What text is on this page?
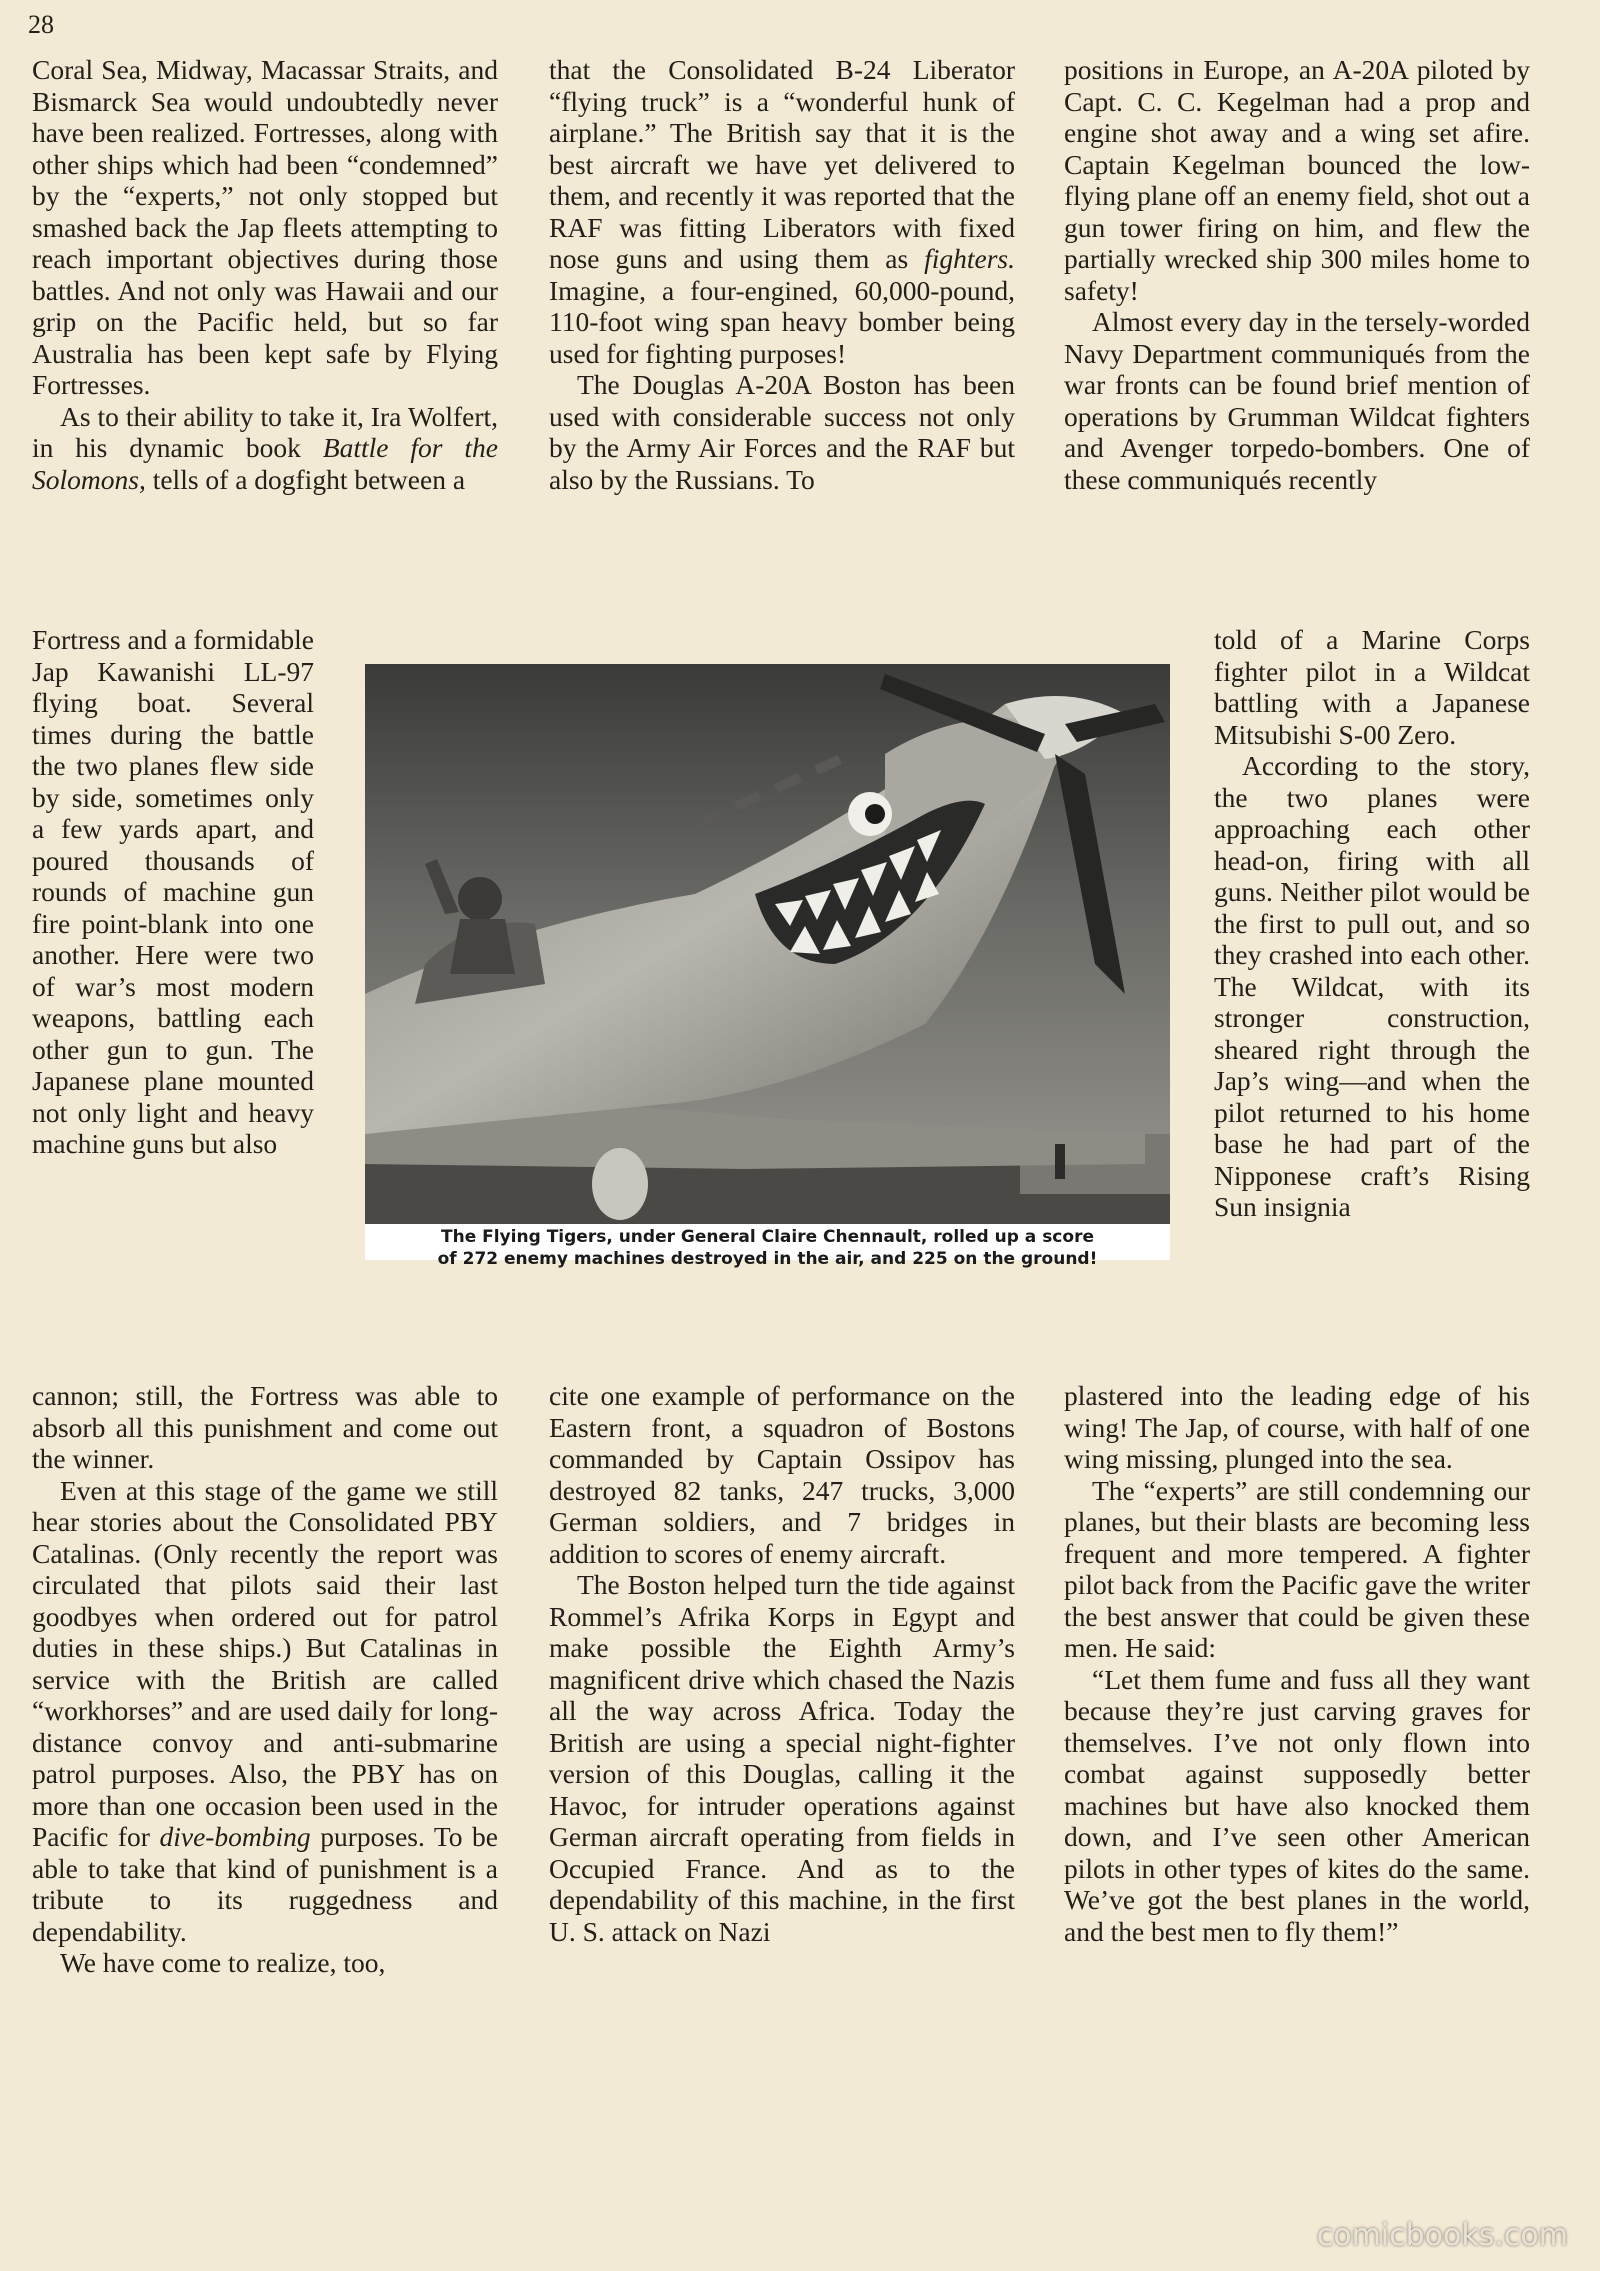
28

Coral Sea, Midway, Macassar Straits, and Bismarck Sea would undoubtedly never have been realized. Fortresses, along with other ships which had been “condemned” by the “experts,” not only stopped but smashed back the Jap fleets attempting to reach important objectives during those battles. And not only was Hawaii and our grip on the Pacific held, but so far Australia has been kept safe by Flying Fortresses.

As to their ability to take it, Ira Wolfert, in his dynamic book Battle for the Solomons, tells of a dogfight between a

Fortress and a formidable Jap Kawanishi LL-97 flying boat. Several times during the battle the two planes flew side by side, sometimes only a few yards apart, and poured thousands of rounds of machine gun fire point-blank into one another. Here were two of war’s most modern weapons, battling each other gun to gun. The Japanese plane mounted not only light and heavy machine guns but also

cannon; still, the Fortress was able to absorb all this punishment and come out the winner.

Even at this stage of the game we still hear stories about the Consolidated PBY Catalinas. (Only recently the report was circulated that pilots said their last goodbyes when ordered out for patrol duties in these ships.) But Catalinas in service with the British are called “workhorses” and are used daily for long-distance convoy and anti-submarine patrol purposes. Also, the PBY has on more than one occasion been used in the Pacific for dive-bombing purposes. To be able to take that kind of punishment is a tribute to its ruggedness and dependability.

We have come to realize, too,

that the Consolidated B-24 Liberator “flying truck” is a “wonderful hunk of airplane.” The British say that it is the best aircraft we have yet delivered to them, and recently it was reported that the RAF was fitting Liberators with fixed nose guns and using them as fighters. Imagine, a four-engined, 60,000-pound, 110-foot wing span heavy bomber being used for fighting purposes!

The Douglas A-20A Boston has been used with considerable success not only by the Army Air Forces and the RAF but also by the Russians. To

cite one example of performance on the Eastern front, a squadron of Bostons commanded by Captain Ossipov has destroyed 82 tanks, 247 trucks, 3,000 German soldiers, and 7 bridges in addition to scores of enemy aircraft.

The Boston helped turn the tide against Rommel’s Afrika Korps in Egypt and make possible the Eighth Army’s magnificent drive which chased the Nazis all the way across Africa. Today the British are using a special night-fighter version of this Douglas, calling it the Havoc, for intruder operations against German aircraft operating from fields in Occupied France. And as to the dependability of this machine, in the first U. S. attack on Nazi

positions in Europe, an A-20A piloted by Capt. C. C. Kegelman had a prop and engine shot away and a wing set afire. Captain Kegelman bounced the low-flying plane off an enemy field, shot out a gun tower firing on him, and flew the partially wrecked ship 300 miles home to safety!

Almost every day in the tersely-worded Navy Department communiqués from the war fronts can be found brief mention of operations by Grumman Wildcat fighters and Avenger torpedo-bombers. One of these communiqués recently

told of a Marine Corps fighter pilot in a Wildcat battling with a Japanese Mitsubishi S-00 Zero.

According to the story, the two planes were approaching each other head-on, firing with all guns. Neither pilot would be the first to pull out, and so they crashed into each other. The Wildcat, with its stronger construction, sheared right through the Jap’s wing—and when the pilot returned to his home base he had part of the Nipponese craft’s Rising Sun insignia

plastered into the leading edge of his wing! The Jap, of course, with half of one wing missing, plunged into the sea.

The “experts” are still condemning our planes, but their blasts are becoming less frequent and more tempered. A fighter pilot back from the Pacific gave the writer the best answer that could be given these men. He said:

“Let them fume and fuss all they want because they’re just carving graves for themselves. I’ve not only flown into combat against supposedly better machines but have also knocked them down, and I’ve seen other American pilots in other types of kites do the same. We’ve got the best planes in the world, and the best men to fly them!”

The Flying Tigers, under General Claire Chennault, rolled up a score
of 272 enemy machines destroyed in the air, and 225 on the ground!
comicbooks.com
